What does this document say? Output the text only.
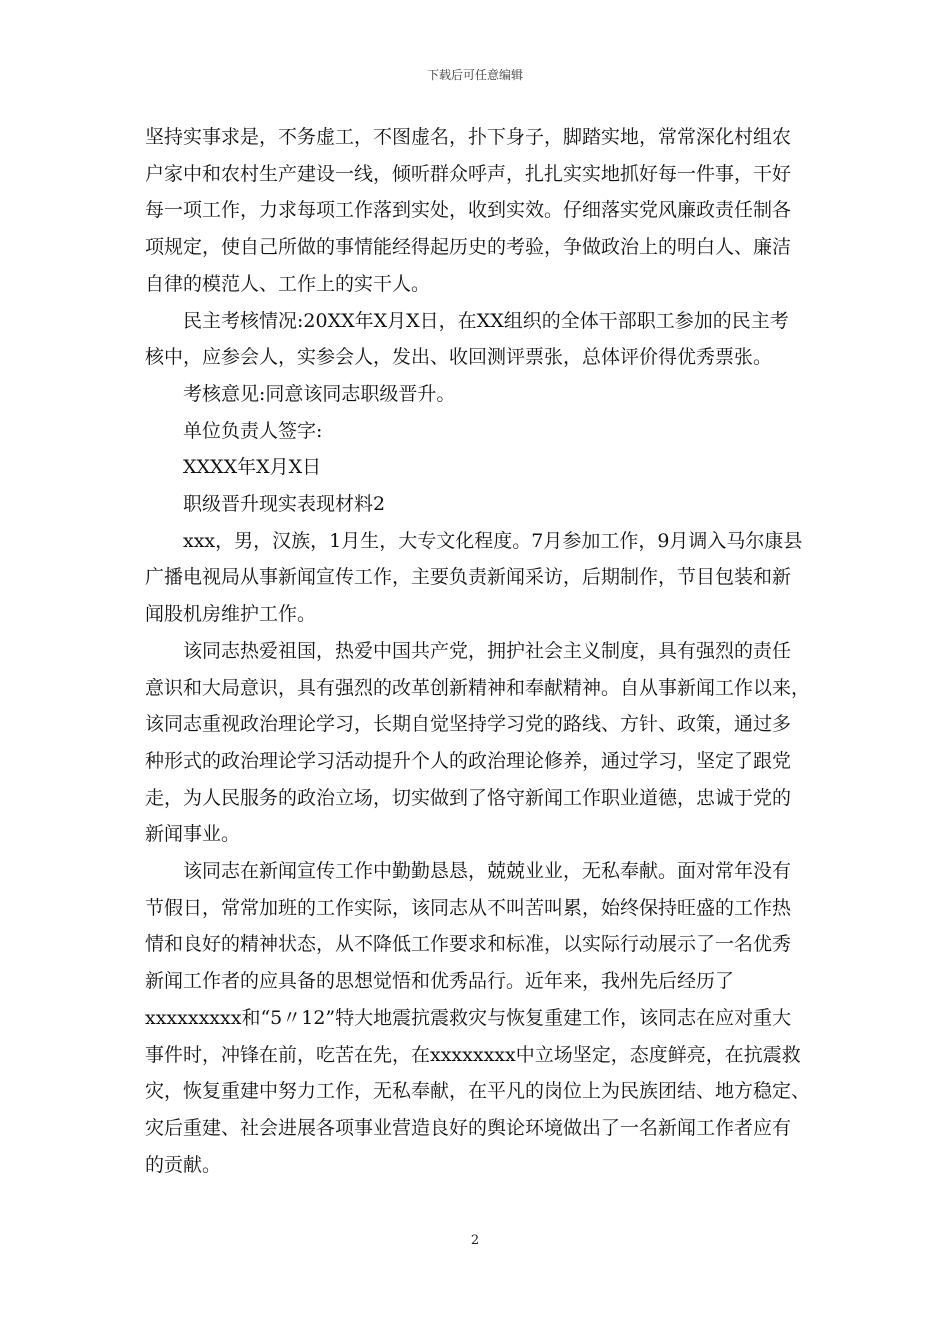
下载后可任意编辑
坚持实事求是，不务虚工，不图虚名，扑下身子，脚踏实地，常常深化村组农
户家中和农村生产建设一线，倾听群众呼声，扎扎实实地抓好每一件事，干好
每一项工作，力求每项工作落到实处，收到实效。仔细落实党风廉政责任制各
项规定，使自己所做的事情能经得起历史的考验，争做政治上的明白人、廉洁
自律的模范人、工作上的实干人。
民主考核情况:20XX年X月X日，在XX组织的全体干部职工参加的民主考
核中，应参会人，实参会人，发出、收回测评票张，总体评价得优秀票张。
考核意见:同意该同志职级晋升。
单位负责人签字:
XXXX年X月X日
职级晋升现实表现材料2
xxx，男，汉族，1月生，大专文化程度。7月参加工作，9月调入马尔康县
广播电视局从事新闻宣传工作，主要负责新闻采访，后期制作，节目包装和新
闻股机房维护工作。
该同志热爱祖国，热爱中国共产党，拥护社会主义制度，具有强烈的责任
意识和大局意识，具有强烈的改革创新精神和奉献精神。自从事新闻工作以来，
该同志重视政治理论学习，长期自觉坚持学习党的路线、方针、政策，通过多
种形式的政治理论学习活动提升个人的政治理论修养，通过学习，坚定了跟党
走，为人民服务的政治立场，切实做到了恪守新闻工作职业道德，忠诚于党的
新闻事业。
该同志在新闻宣传工作中勤勤恳恳，兢兢业业，无私奉献。面对常年没有
节假日，常常加班的工作实际，该同志从不叫苦叫累，始终保持旺盛的工作热
情和良好的精神状态，从不降低工作要求和标准，以实际行动展示了一名优秀
新闻工作者的应具备的思想觉悟和优秀品行。近年来，我州先后经历了
xxxxxxxxx和“5〃12”特大地震抗震救灾与恢复重建工作，该同志在应对重大
事件时，冲锋在前，吃苦在先，在xxxxxxxx中立场坚定，态度鲜亮，在抗震救
灾，恢复重建中努力工作，无私奉献，在平凡的岗位上为民族团结、地方稳定、
灾后重建、社会进展各项事业营造良好的舆论环境做出了一名新闻工作者应有
的贡献。
2
